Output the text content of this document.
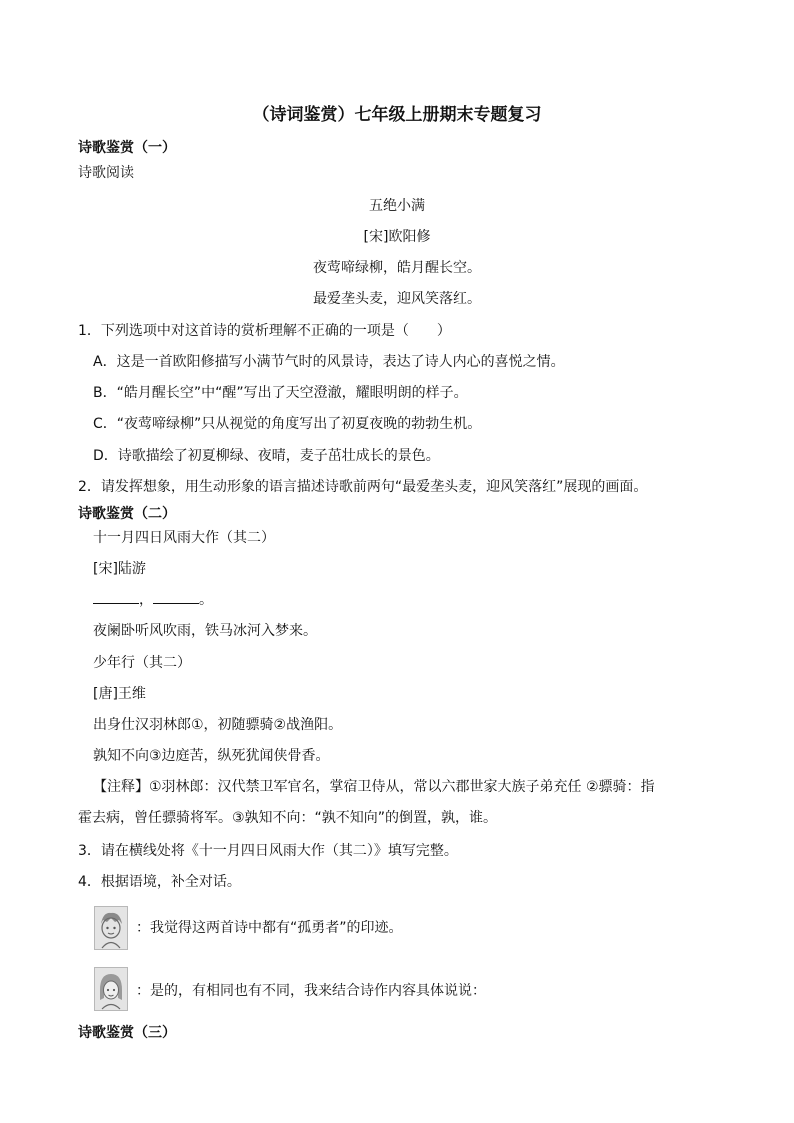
（诗词鉴赏）七年级上册期末专题复习
诗歌鉴赏（一）
诗歌阅读
五绝小满
[宋]欧阳修
夜莺啼绿柳，皓月醒长空。
最爱垄头麦，迎风笑落红。
1．下列选项中对这首诗的赏析理解不正确的一项是（　　）
A．这是一首欧阳修描写小满节气时的风景诗，表达了诗人内心的喜悦之情。
B．“皓月醒长空”中“醒”写出了天空澄澈，耀眼明朗的样子。
C．“夜莺啼绿柳”只从视觉的角度写出了初夏夜晚的勃勃生机。
D．诗歌描绘了初夏柳绿、夜晴，麦子茁壮成长的景色。
2．请发挥想象，用生动形象的语言描述诗歌前两句“最爱垄头麦，迎风笑落红”展现的画面。
诗歌鉴赏（二）
十一月四日风雨大作（其二）
[宋]陆游
，	。
夜阑卧听风吹雨，铁马冰河入梦来。
少年行（其二）
[唐]王维
出身仕汉羽林郎①，初随骠骑②战渔阳。
孰知不向③边庭苦，纵死犹闻侠骨香。
【注释】①羽林郎：汉代禁卫军官名，掌宿卫侍从，常以六郡世家大族子弟充任 ②骠骑：指
霍去病，曾任骠骑将军。③孰知不向：“孰不知向”的倒置，孰，谁。
3．请在横线处将《十一月四日风雨大作（其二）》填写完整。
4．根据语境，补全对话。
：我觉得这两首诗中都有“孤勇者”的印迹。
：是的，有相同也有不同，我来结合诗作内容具体说说：
诗歌鉴赏（三）
